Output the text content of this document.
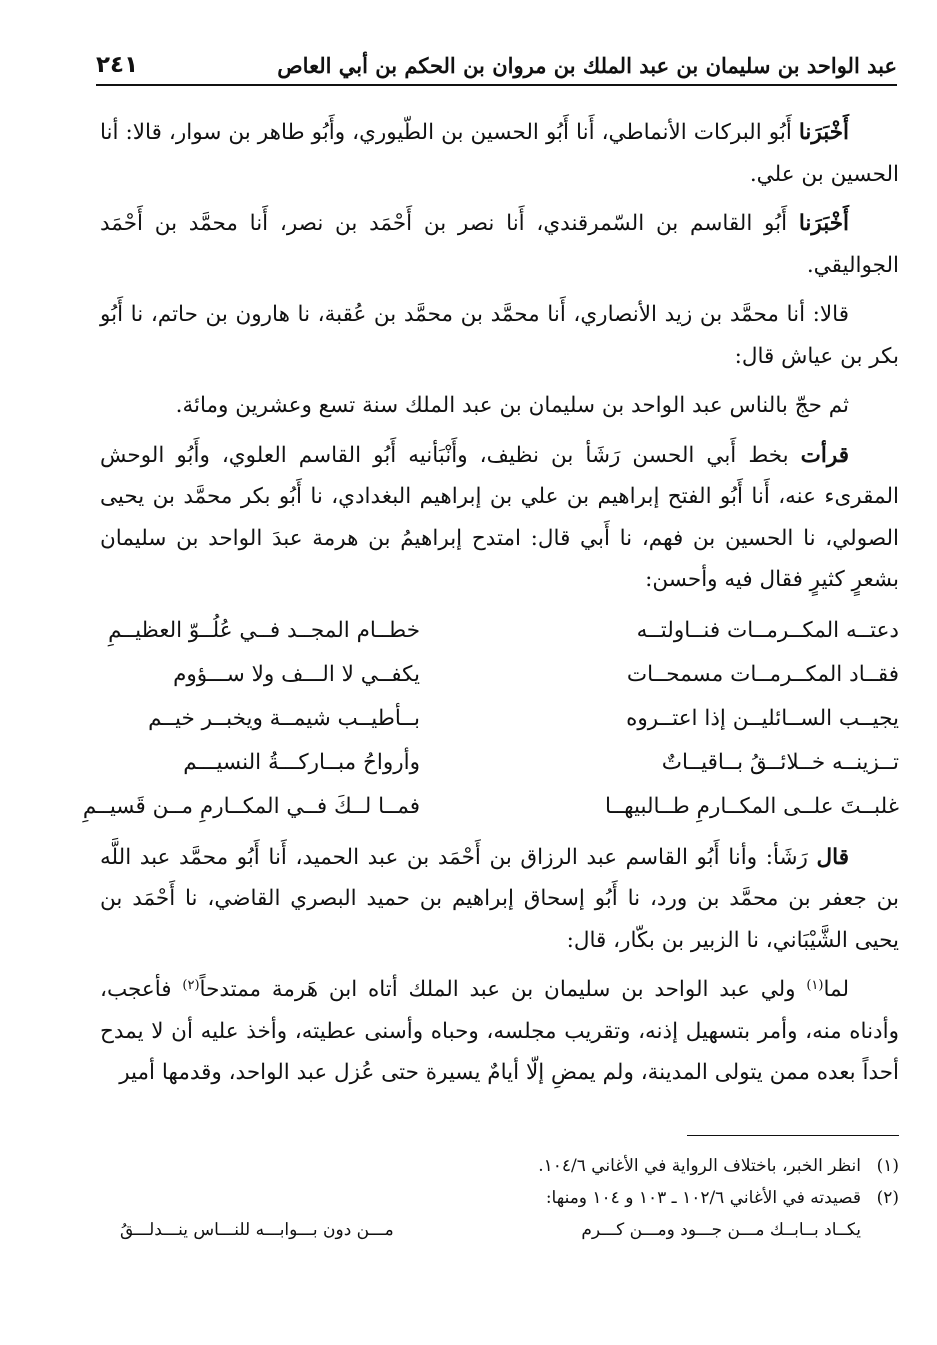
عبد الواحد بن سليمان بن عبد الملك بن مروان بن الحكم بن أبي العاص
٢٤١

أَخْبَرَنا أَبُو البركات الأنماطي، أَنا أَبُو الحسين بن الطّيوري، وأَبُو طاهر بن سوار، قالا: أنا الحسين بن علي.

أَخْبَرَنا أَبُو القاسم بن السّمرقندي، أَنا نصر بن أَحْمَد بن نصر، أَنا محمَّد بن أَحْمَد الجواليقي.

قالا: أنا محمَّد بن زيد الأنصاري، أَنا محمَّد بن محمَّد بن عُقبة، نا هارون بن حاتم، نا أَبُو بكر بن عياش قال:

ثم حجّ بالناس عبد الواحد بن سليمان بن عبد الملك سنة تسع وعشرين ومائة.

قرأت بخط أَبي الحسن رَشَأ بن نظيف، وأَنْبَأنيه أَبُو القاسم العلوي، وأَبُو الوحش المقرىء عنه، أَنا أَبُو الفتح إبراهيم بن علي بن إبراهيم البغدادي، نا أَبُو بكر محمَّد بن يحيى الصولي، نا الحسين بن فهم، نا أَبي قال: امتدح إبراهيمُ بن هرمة عبدَ الواحد بن سليمان بشعرٍ كثيرٍ فقال فيه وأحسن:

دعتــه المكــرمــات فنــاولتــه
خطــام المجــد فــي عُلُــوّ العظيــمِ
فقــاد المكــرمــات مسمحــات
يكفــي لا الـــف ولا ســـؤوم
يجيــب الســائليــن إذا اعتــروه
بــأطيــب شيمــة ويخبــر خيــم
تــزينــه خــلائــقُ بــاقيــاتٌ
وأرواحُ مبــاركـــةُ النسيـــم
غلبــتَ علــى المكــارمِ طــالبيهــا
فمــا لــكَ فــي المكــارمِ مــن قَسيــمِ

قال رَشَأ: وأنا أَبُو القاسم عبد الرزاق بن أَحْمَد بن عبد الحميد، أَنا أَبُو محمَّد عبد اللَّه بن جعفر بن محمَّد بن ورد، نا أَبُو إسحاق إبراهيم بن حميد البصري القاضي، نا أَحْمَد بن يحيى الشَّيْبَاني، نا الزبير بن بكّار، قال:

لما$^{(١)}$ ولي عبد الواحد بن سليمان بن عبد الملك أتاه ابن هَرمة ممتدحاً$^{(٢)}$ فأعجب، وأدناه منه، وأمر بتسهيل إذنه، وتقريب مجلسه، وحباه وأسنى عطيته، وأخذ عليه أن لا يمدح أحداً بعده ممن يتولى المدينة، ولم يمضِ إلّا أيامٌ يسيرة حتى عُزل عبد الواحد، وقدمها أمير

(١)
انظر الخبر، باختلاف الرواية في الأغاني ١٠٤/٦.
(٢)
قصيدته في الأغاني ١٠٢/٦ ـ ١٠٣ و ١٠٤ ومنها:
يكــاد بــابــك مـــن جـــود ومـــن كـــرم
مـــن دون بـــوابـــه للنـــاس ينـــدلـــقُ
